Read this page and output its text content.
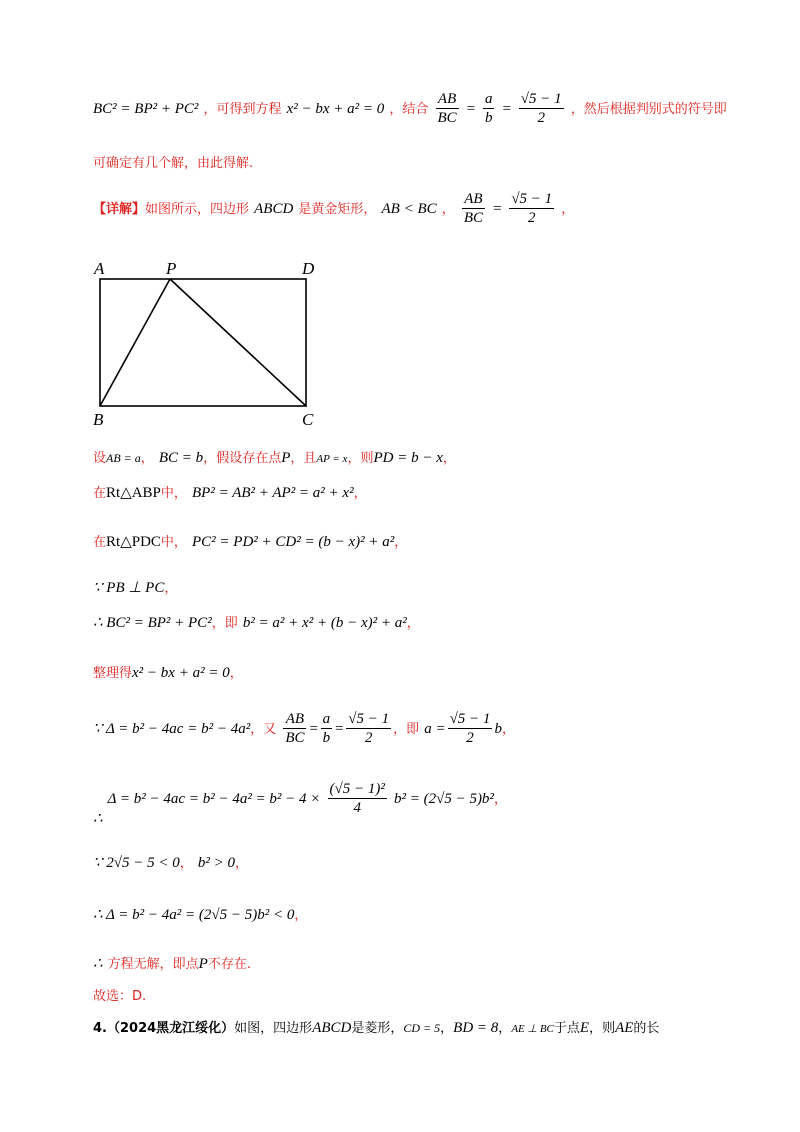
BC² = BP² + PC² ，可得到方程 x² − bx + a² = 0 ，结合 $\frac{AB}{BC} = \frac{a}{b} = \frac{√5 - 1}{2}$ ，然后根据判别式的符号即
可确定有几个解，由此得解.
【详解】如图所示，四边形 ABCD 是黄金矩形， AB < BC ， $\frac{AB}{BC} = \frac{√5 - 1}{2}$ ，
A	P	D
B	C
设AB = a， BC = b，假设存在点P，且AP = x，则PD = b − x，
在Rt△ABP中， BP² = AB² + AP² = a² + x²，
在Rt△PDC中， PC² = PD² + CD² = (b − x)² + a²，
∵ PB ⊥ PC，
∴ BC² = BP² + PC²，即 b² = a² + x² + (b − x)² + a²，
整理得x² − bx + a² = 0，
∵ Δ = b² − 4ac = b² − 4a²，又 $\frac{AB}{BC} = \frac{a}{b} = \frac{√5 - 1}{2}$ ，即 $a = \frac{√5 - 1}{2}$ b，
∴ $\Delta = b^2 - 4ac = b^2 - 4a^2 = b^2 - 4 \times \frac{\text{(√5 − 1)²}}{4} b^2 = (2√5 - 5)b^2$，
∵ 2√5 − 5 < 0， b² > 0，
∴ Δ = b² − 4a² = (2√5 − 5)b² < 0，
∴ 方程无解，即点P不存在.
故选：D.
4.（2024黑龙江绥化）如图，四边形ABCD是菱形，CD = 5，BD = 8，AE ⊥ BC于点E，则AE的长
